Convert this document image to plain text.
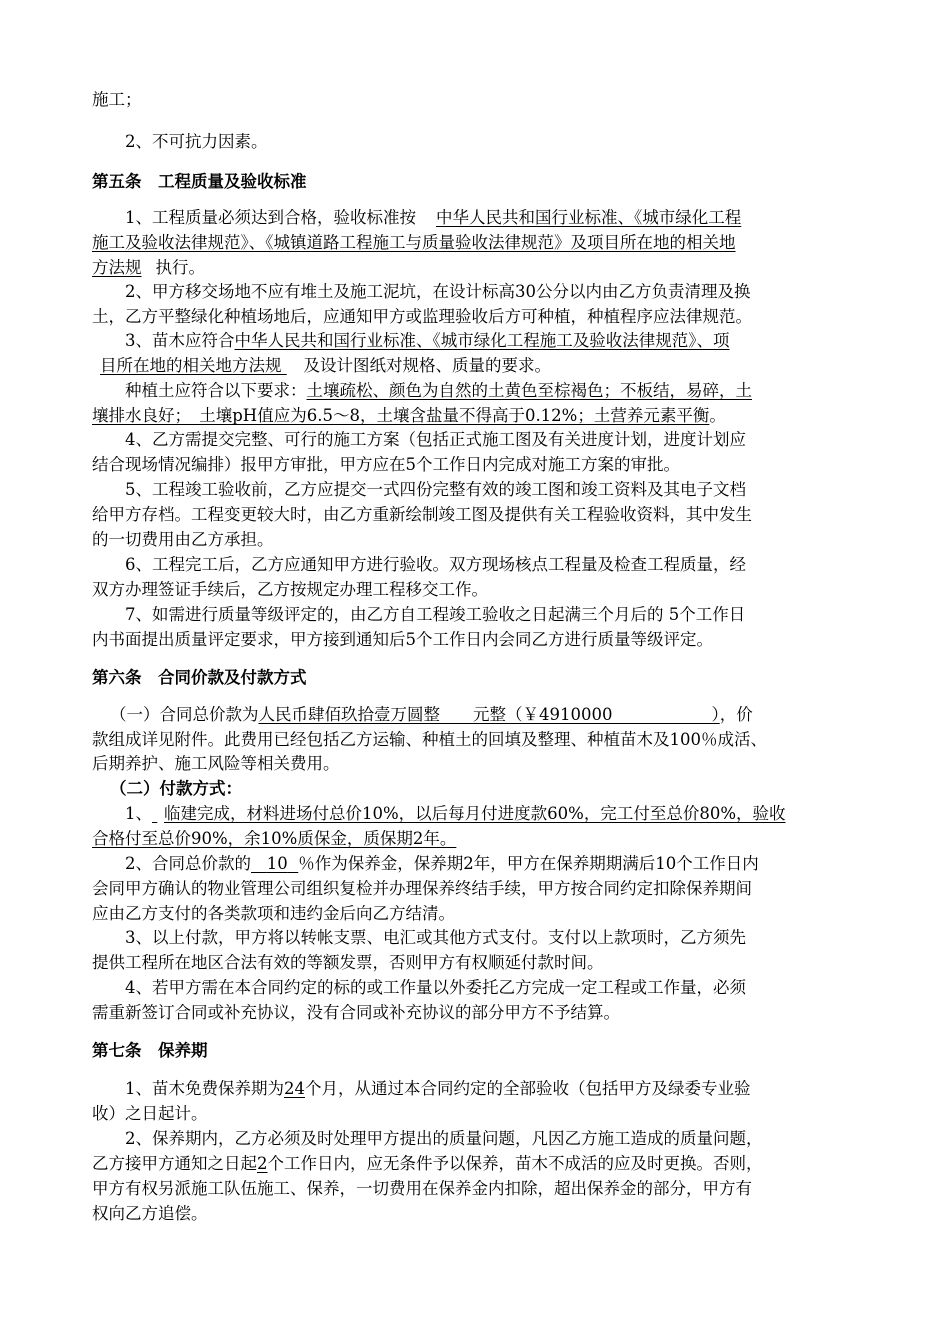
施工；
2、不可抗力因素。
第五条　工程质量及验收标准
1、工程质量必须达到合格，验收标准按 中华人民共和国行业标准、《城市绿化工程
施工及验收法律规范》、《城镇道路工程施工与质量验收法律规范》及项目所在地的相关地
方法规 执行。
2、甲方移交场地不应有堆土及施工泥坑，在设计标高30公分以内由乙方负责清理及换
土，乙方平整绿化种植场地后，应通知甲方或监理验收后方可种植，种植程序应法律规范。
3、苗木应符合中华人民共和国行业标准、《城市绿化工程施工及验收法律规范》、项
目所在地的相关地方法规 及设计图纸对规格、质量的要求。
种植土应符合以下要求：土壤疏松、颜色为自然的土黄色至棕褐色；不板结，易碎，土
壤排水良好；　土壤pH值应为6.5～8，土壤含盐量不得高于0.12%；土营养元素平衡。
4、乙方需提交完整、可行的施工方案（包括正式施工图及有关进度计划，进度计划应
结合现场情况编排）报甲方审批，甲方应在5个工作日内完成对施工方案的审批。
5、工程竣工验收前，乙方应提交一式四份完整有效的竣工图和竣工资料及其电子文档
给甲方存档。工程变更较大时，由乙方重新绘制竣工图及提供有关工程验收资料，其中发生
的一切费用由乙方承担。
6、工程完工后，乙方应通知甲方进行验收。双方现场核点工程量及检查工程质量，经
双方办理签证手续后，乙方按规定办理工程移交工作。
7、如需进行质量等级评定的，由乙方自工程竣工验收之日起满三个月后的 5个工作日
内书面提出质量评定要求，甲方接到通知后5个工作日内会同乙方进行质量等级评定。
第六条　合同价款及付款方式
（一）合同总价款为人民币肆佰玖拾壹万圆整　　元整（￥4910000　　　　　　），价
款组成详见附件。此费用已经包括乙方运输、种植土的回填及整理、种植苗木及100％成活、
后期养护、施工风险等相关费用。
（二）付款方式：
1、 临建完成，材料进场付总价10%，以后每月付进度款60%，完工付至总价80%，验收
合格付至总价90%，余10%质保金，质保期2年。
2、合同总价款的 10 ％作为保养金，保养期2年，甲方在保养期期满后10个工作日内
会同甲方确认的物业管理公司组织复检并办理保养终结手续，甲方按合同约定扣除保养期间
应由乙方支付的各类款项和违约金后向乙方结清。
3、以上付款，甲方将以转帐支票、电汇或其他方式支付。支付以上款项时，乙方须先
提供工程所在地区合法有效的等额发票，否则甲方有权顺延付款时间。
4、若甲方需在本合同约定的标的或工作量以外委托乙方完成一定工程或工作量，必须
需重新签订合同或补充协议，没有合同或补充协议的部分甲方不予结算。
第七条　保养期
1、苗木免费保养期为24个月，从通过本合同约定的全部验收（包括甲方及绿委专业验
收）之日起计。
2、保养期内，乙方必须及时处理甲方提出的质量问题，凡因乙方施工造成的质量问题，
乙方接甲方通知之日起2个工作日内，应无条件予以保养，苗木不成活的应及时更换。否则，
甲方有权另派施工队伍施工、保养，一切费用在保养金内扣除，超出保养金的部分，甲方有
权向乙方追偿。
